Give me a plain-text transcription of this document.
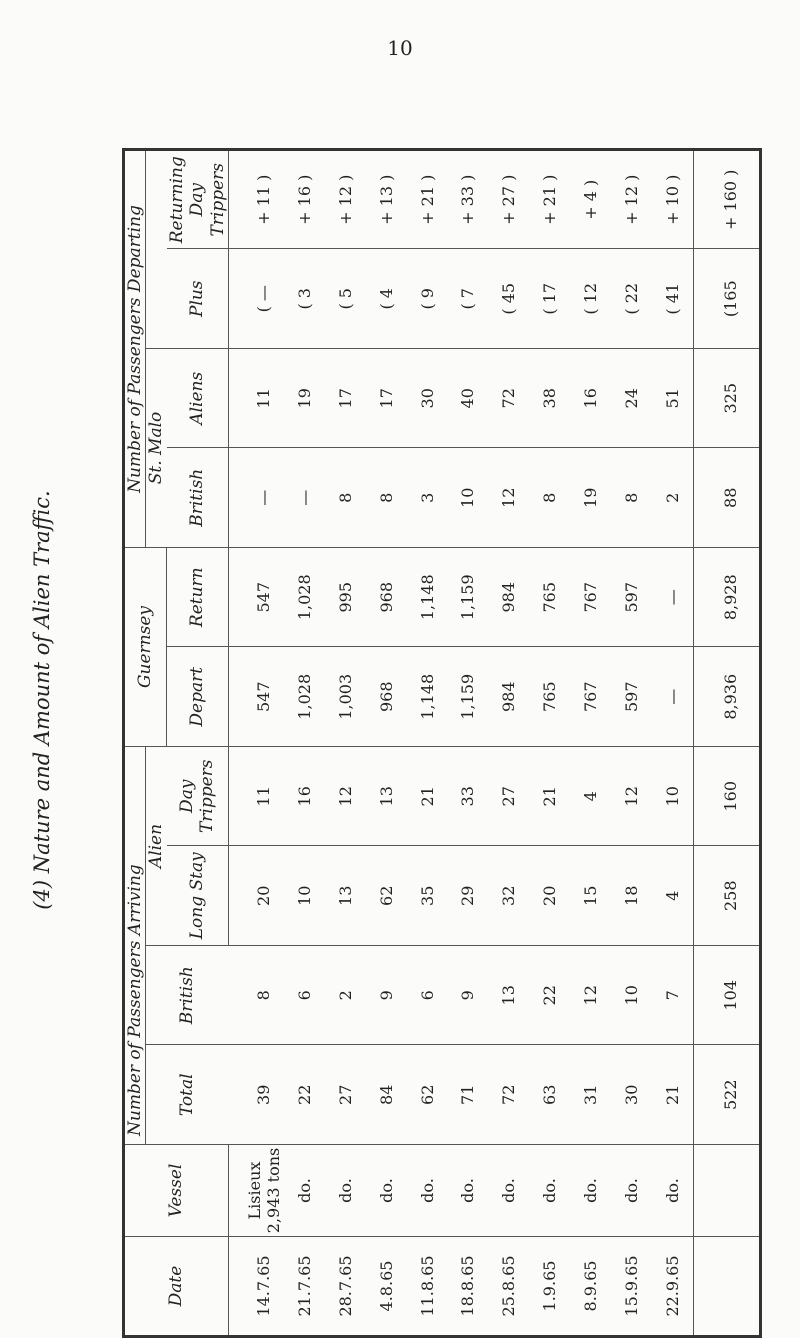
10
(4) Nature and Amount of Alien Traffic.
Date	Vessel	Number of Passengers Arriving				Guernsey		Number of Passengers Departing			
		Total	British	Alien				St. Malo			
				Long Stay	Day Trippers	Depart	Return	British	Aliens	Plus	Returning Day Trippers
14.7.65	Lisieux 2,943 tons	39	8	20	11	547	547	—	11	( —	+ 11 )
21.7.65	do.	22	6	10	16	1,028	1,028	—	19	( 3	+ 16 )
28.7.65	do.	27	2	13	12	1,003	995	8	17	( 5	+ 12 )
4.8.65	do.	84	9	62	13	968	968	8	17	( 4	+ 13 )
11.8.65	do.	62	6	35	21	1,148	1,148	3	30	( 9	+ 21 )
18.8.65	do.	71	9	29	33	1,159	1,159	10	40	( 7	+ 33 )
25.8.65	do.	72	13	32	27	984	984	12	72	( 45	+ 27 )
1.9.65	do.	63	22	20	21	765	765	8	38	( 17	+ 21 )
8.9.65	do.	31	12	15	4	767	767	19	16	( 12	+ 4 )
15.9.65	do.	30	10	18	12	597	597	8	24	( 22	+ 12 )
22.9.65	do.	21	7	4	10	—	—	2	51	( 41	+ 10 )
		522	104	258	160	8,936	8,928	88	325	(165	+ 160 )
